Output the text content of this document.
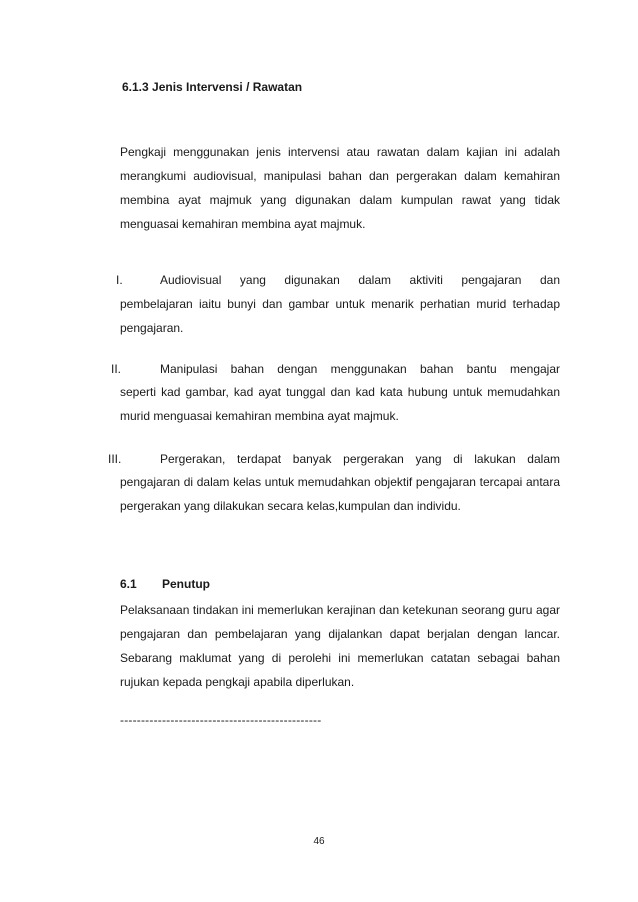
6.1.3 Jenis Intervensi / Rawatan
Pengkaji menggunakan jenis intervensi atau rawatan dalam kajian ini adalah merangkumi audiovisual, manipulasi bahan dan pergerakan dalam kemahiran membina ayat majmuk yang digunakan dalam kumpulan rawat yang tidak menguasai kemahiran membina ayat majmuk.
I.	Audiovisual yang digunakan dalam aktiviti pengajaran dan
pembelajaran iaitu bunyi dan gambar untuk menarik perhatian murid terhadap pengajaran.
II.	Manipulasi bahan dengan menggunakan bahan bantu mengajar
seperti kad gambar, kad ayat tunggal dan kad kata hubung untuk memudahkan murid menguasai kemahiran membina ayat majmuk.
III.	Pergerakan, terdapat banyak pergerakan yang di lakukan dalam
pengajaran di dalam kelas untuk memudahkan objektif pengajaran tercapai antara pergerakan yang dilakukan secara kelas,kumpulan dan individu.
6.1 Penutup
Pelaksanaan tindakan ini memerlukan kerajinan dan ketekunan seorang guru agar pengajaran dan pembelajaran yang dijalankan dapat berjalan dengan lancar. Sebarang maklumat yang di perolehi ini memerlukan catatan sebagai bahan rujukan kepada pengkaji apabila diperlukan.
------------------------------------------------
46
